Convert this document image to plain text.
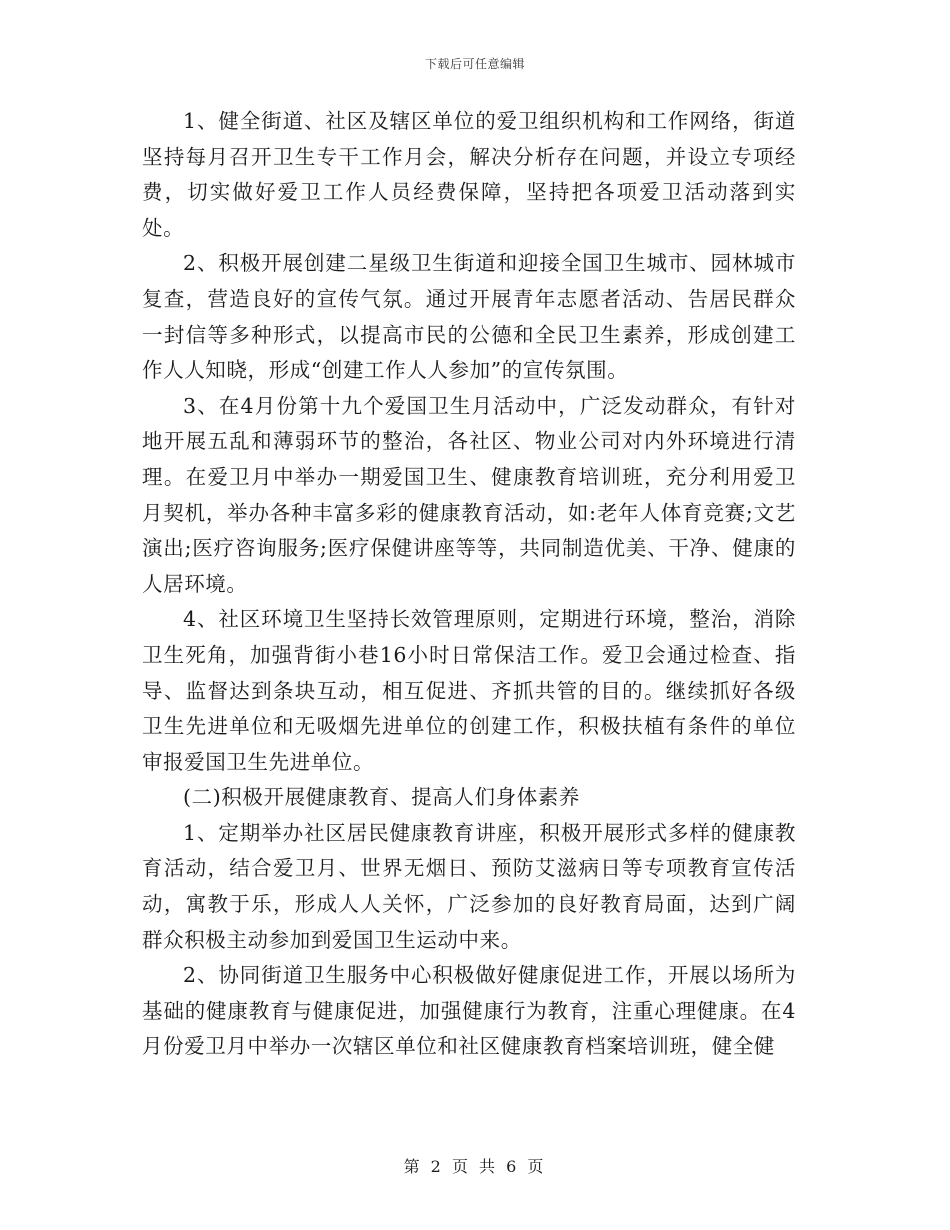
下载后可任意编辑

1、健全街道、社区及辖区单位的爱卫组织机构和工作网络，街道坚持每月召开卫生专干工作月会，解决分析存在问题，并设立专项经费，切实做好爱卫工作人员经费保障，坚持把各项爱卫活动落到实处。

2、积极开展创建二星级卫生街道和迎接全国卫生城市、园林城市复查，营造良好的宣传气氛。通过开展青年志愿者活动、告居民群众一封信等多种形式，以提高市民的公德和全民卫生素养，形成创建工作人人知晓，形成“创建工作人人参加”的宣传氛围。

3、在4月份第十九个爱国卫生月活动中，广泛发动群众，有针对地开展五乱和薄弱环节的整治，各社区、物业公司对内外环境进行清理。在爱卫月中举办一期爱国卫生、健康教育培训班，充分利用爱卫月契机，举办各种丰富多彩的健康教育活动，如:老年人体育竞赛;文艺演出;医疗咨询服务;医疗保健讲座等等，共同制造优美、干净、健康的人居环境。

4、社区环境卫生坚持长效管理原则，定期进行环境，整治，消除卫生死角，加强背街小巷16小时日常保洁工作。爱卫会通过检查、指导、监督达到条块互动，相互促进、齐抓共管的目的。继续抓好各级卫生先进单位和无吸烟先进单位的创建工作，积极扶植有条件的单位审报爱国卫生先进单位。

(二)积极开展健康教育、提高人们身体素养

1、定期举办社区居民健康教育讲座，积极开展形式多样的健康教育活动，结合爱卫月、世界无烟日、预防艾滋病日等专项教育宣传活动，寓教于乐，形成人人关怀，广泛参加的良好教育局面，达到广阔群众积极主动参加到爱国卫生运动中来。

2、协同街道卫生服务中心积极做好健康促进工作，开展以场所为基础的健康教育与健康促进，加强健康行为教育，注重心理健康。在4月份爱卫月中举办一次辖区单位和社区健康教育档案培训班，健全健

第 2 页 共 6 页
